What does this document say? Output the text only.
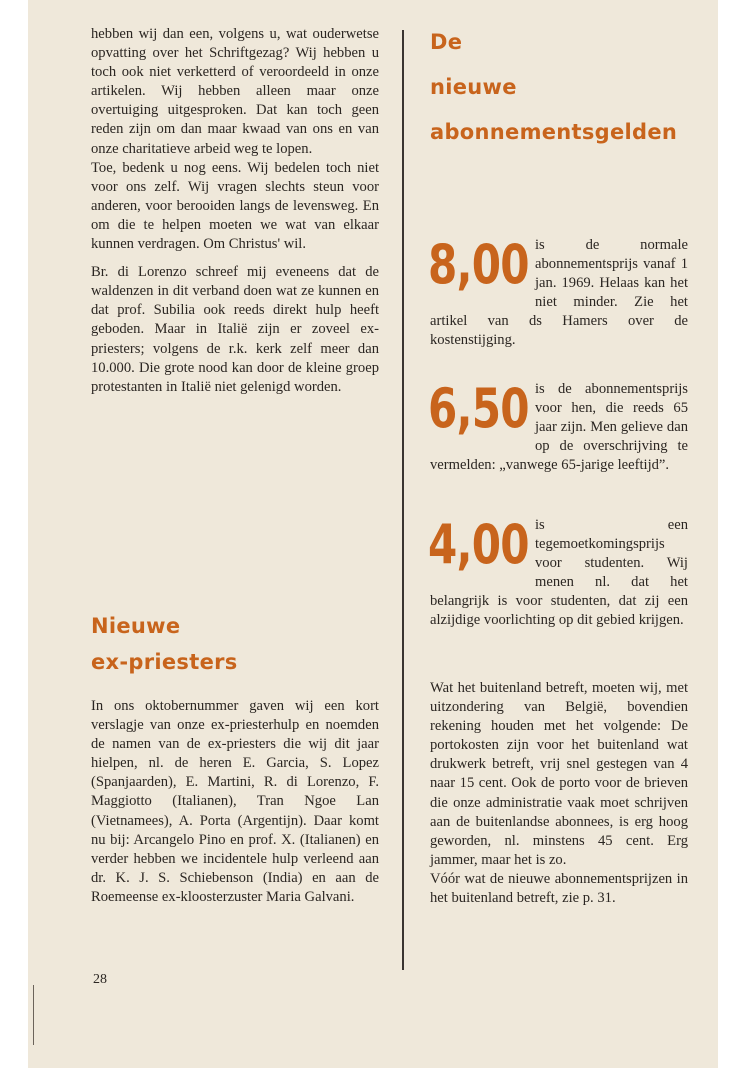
hebben wij dan een, volgens u, wat ouderwetse opvatting over het Schriftgezag? Wij hebben u toch ook niet verketterd of veroordeeld in onze artikelen. Wij hebben alleen maar onze overtuiging uitgesproken. Dat kan toch geen reden zijn om dan maar kwaad van ons en van onze charitatieve arbeid weg te lopen.

Toe, bedenk u nog eens. Wij bedelen toch niet voor ons zelf. Wij vragen slechts steun voor anderen, voor berooiden langs de levensweg. En om die te helpen moeten we wat van elkaar kunnen verdragen. Om Christus' wil.

Br. di Lorenzo schreef mij eveneens dat de waldenzen in dit verband doen wat ze kunnen en dat prof. Subilia ook reeds direkt hulp heeft geboden. Maar in Italië zijn er zoveel ex-priesters; volgens de r.k. kerk zelf meer dan 10.000. Die grote nood kan door de kleine groep protestanten in Italië niet gelenigd worden.

Nieuwe
ex-priesters

In ons oktobernummer gaven wij een kort verslagje van onze ex-priesterhulp en noemden de namen van de ex-priesters die wij dit jaar hielpen, nl. de heren E. Garcia, S. Lopez (Spanjaarden), E. Martini, R. di Lorenzo, F. Maggiotto (Italianen), Tran Ngoe Lan (Vietnamees), A. Porta (Argentijn). Daar komt nu bij: Arcangelo Pino en prof. X. (Italianen) en verder hebben we incidentele hulp verleend aan dr. K. J. S. Schiebenson (India) en aan de Roemeense ex-kloosterzuster Maria Galvani.

28
De
nieuwe
abonnementsgelden
8,00 is de normale abonnementsprijs vanaf 1 jan. 1969. Helaas kan het niet minder. Zie het artikel van ds Hamers over de kostenstijging.
6,50 is de abonnementsprijs voor hen, die reeds 65 jaar zijn. Men gelieve dan op de overschrijving te vermelden: „vanwege 65-jarige leeftijd”.
4,00 is een tegemoetkomingsprijs voor studenten. Wij menen nl. dat het belangrijk is voor studenten, dat zij een alzijdige voorlichting op dit gebied krijgen.

Wat het buitenland betreft, moeten wij, met uitzondering van België, bovendien rekening houden met het volgende: De portokosten zijn voor het buitenland wat drukwerk betreft, vrij snel gestegen van 4 naar 15 cent. Ook de porto voor de brieven die onze administratie vaak moet schrijven aan de buitenlandse abonnees, is erg hoog geworden, nl. minstens 45 cent. Erg jammer, maar het is zo.

Vóór wat de nieuwe abonnementsprijzen in het buitenland betreft, zie p. 31.
